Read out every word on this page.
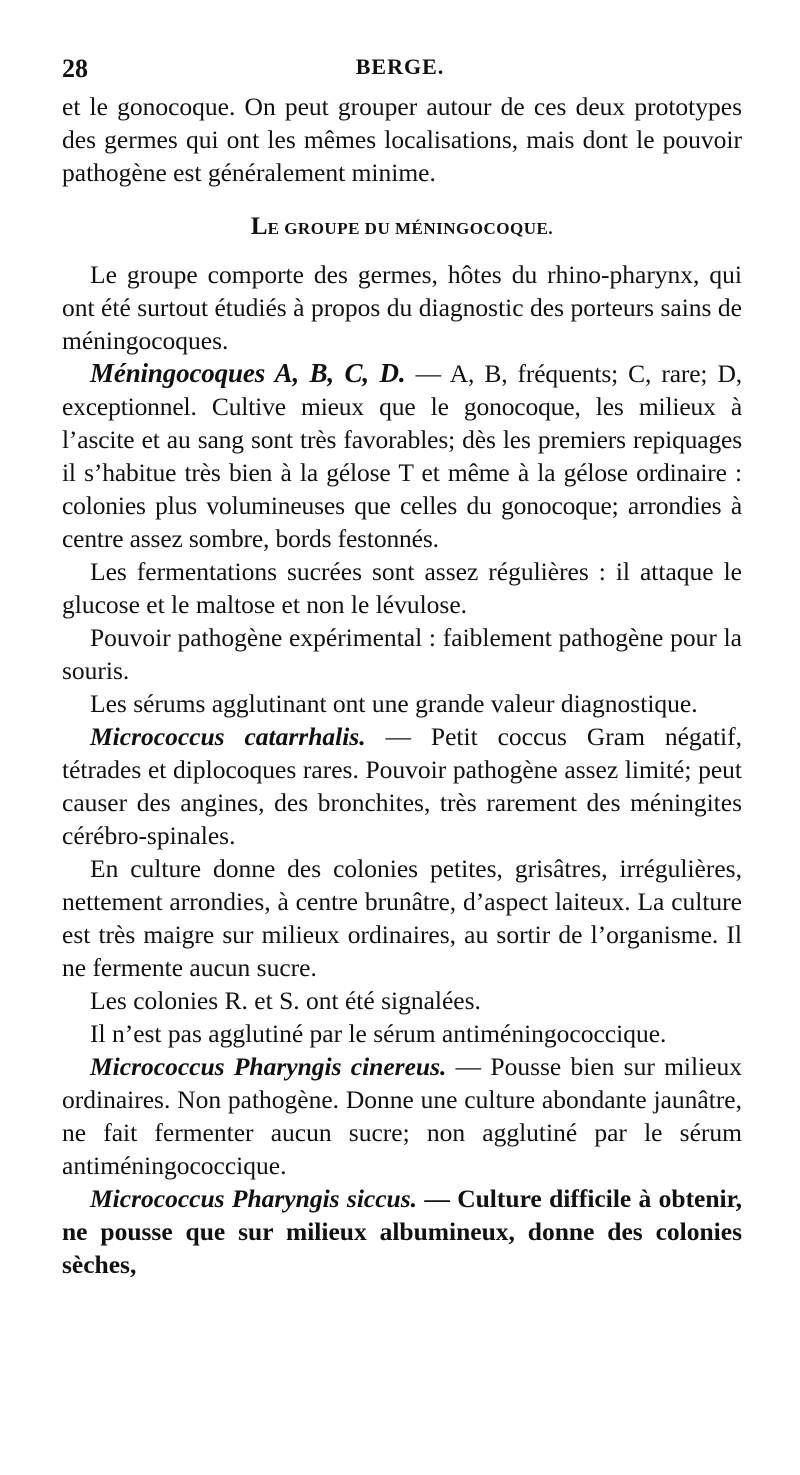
28	BERGE.

et le gonocoque. On peut grouper autour de ces deux prototypes des germes qui ont les mêmes localisations, mais dont le pouvoir pathogène est généralement minime.

LE GROUPE DU MÉNINGOCOQUE.

Le groupe comporte des germes, hôtes du rhino-pharynx, qui ont été surtout étudiés à propos du diagnostic des porteurs sains de méningocoques.

Méningocoques A, B, C, D. — A, B, fréquents; C, rare; D, exceptionnel. Cultive mieux que le gonocoque, les milieux à l’ascite et au sang sont très favorables; dès les premiers repiquages il s’habitue très bien à la gélose T et même à la gélose ordinaire : colonies plus volumineuses que celles du gonocoque; arrondies à centre assez sombre, bords festonnés.

Les fermentations sucrées sont assez régulières : il attaque le glucose et le maltose et non le lévulose.

Pouvoir pathogène expérimental : faiblement pathogène pour la souris.

Les sérums agglutinant ont une grande valeur diagnostique.

Micrococcus catarrhalis. — Petit coccus Gram négatif, tétrades et diplocoques rares. Pouvoir pathogène assez limité; peut causer des angines, des bronchites, très rarement des méningites cérébro-spinales.

En culture donne des colonies petites, grisâtres, irrégulières, nettement arrondies, à centre brunâtre, d’aspect laiteux. La culture est très maigre sur milieux ordinaires, au sortir de l’organisme. Il ne fermente aucun sucre.

Les colonies R. et S. ont été signalées.

Il n’est pas agglutiné par le sérum antiméningococcique.

Micrococcus Pharyngis cinereus. — Pousse bien sur milieux ordinaires. Non pathogène. Donne une culture abondante jaunâtre, ne fait fermenter aucun sucre; non agglutiné par le sérum antiméningococcique.

Micrococcus Pharyngis siccus. — Culture difficile à obtenir, ne pousse que sur milieux albumineux, donne des colonies sèches,
